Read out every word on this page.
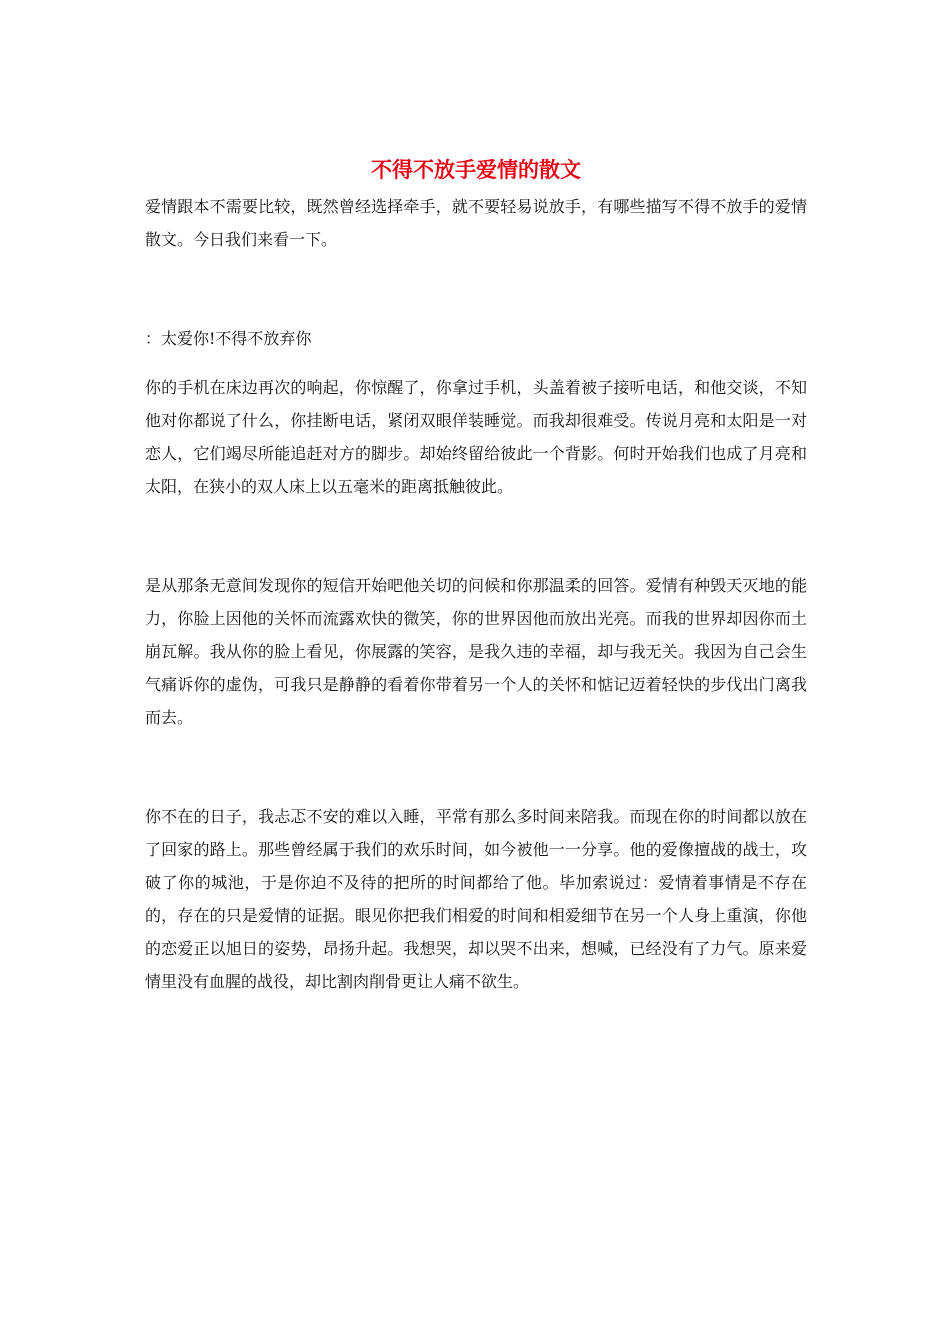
不得不放手爱情的散文

爱情跟本不需要比较，既然曾经选择牵手，就不要轻易说放手，有哪些描写不得不放手的爱情散文。今日我们来看一下。

：太爱你!不得不放弃你

你的手机在床边再次的响起，你惊醒了，你拿过手机，头盖着被子接听电话，和他交谈，不知他对你都说了什么，你挂断电话，紧闭双眼佯装睡觉。而我却很难受。传说月亮和太阳是一对恋人，它们竭尽所能追赶对方的脚步。却始终留给彼此一个背影。何时开始我们也成了月亮和太阳，在狭小的双人床上以五毫米的距离抵触彼此。

是从那条无意间发现你的短信开始吧他关切的问候和你那温柔的回答。爱情有种毁天灭地的能力，你脸上因他的关怀而流露欢快的微笑，你的世界因他而放出光亮。而我的世界却因你而土崩瓦解。我从你的脸上看见，你展露的笑容，是我久违的幸福，却与我无关。我因为自己会生气痛诉你的虚伪，可我只是静静的看着你带着另一个人的关怀和惦记迈着轻快的步伐出门离我而去。

你不在的日子，我忐忑不安的难以入睡，平常有那么多时间来陪我。而现在你的时间都以放在了回家的路上。那些曾经属于我们的欢乐时间，如今被他一一分享。他的爱像擅战的战士，攻破了你的城池，于是你迫不及待的把所的时间都给了他。毕加索说过：爱情着事情是不存在的，存在的只是爱情的证据。眼见你把我们相爱的时间和相爱细节在另一个人身上重演，你他的恋爱正以旭日的姿势，昂扬升起。我想哭，却以哭不出来，想喊，已经没有了力气。原来爱情里没有血腥的战役，却比割肉削骨更让人痛不欲生。
